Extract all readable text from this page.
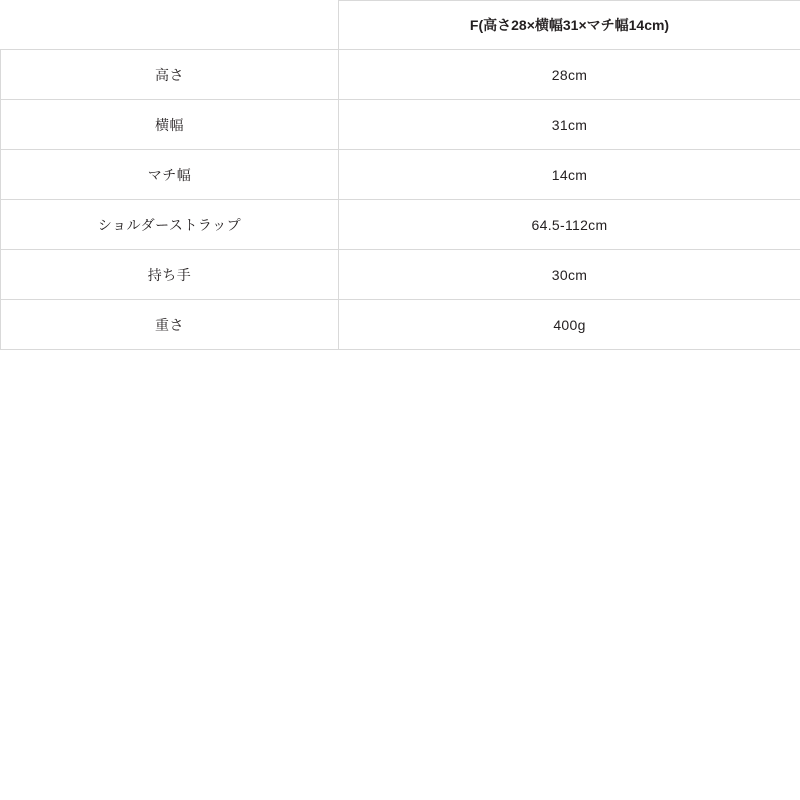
	F(高さ28×横幅31×マチ幅14cm)
高さ	28cm
横幅	31cm
マチ幅	14cm
ショルダーストラップ	64.5-112cm
持ち手	30cm
重さ	400g
